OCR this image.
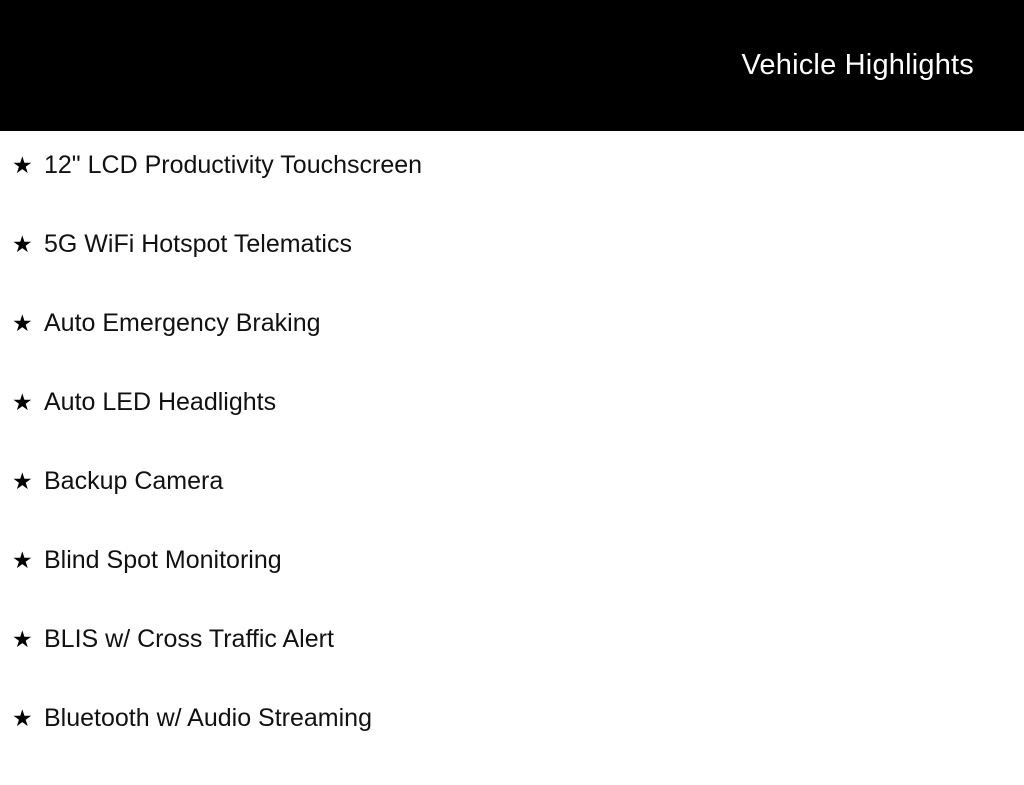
Vehicle Highlights
★ 12" LCD Productivity Touchscreen
★ 5G WiFi Hotspot Telematics
★ Auto Emergency Braking
★ Auto LED Headlights
★ Backup Camera
★ Blind Spot Monitoring
★ BLIS w/ Cross Traffic Alert
★ Bluetooth w/ Audio Streaming
